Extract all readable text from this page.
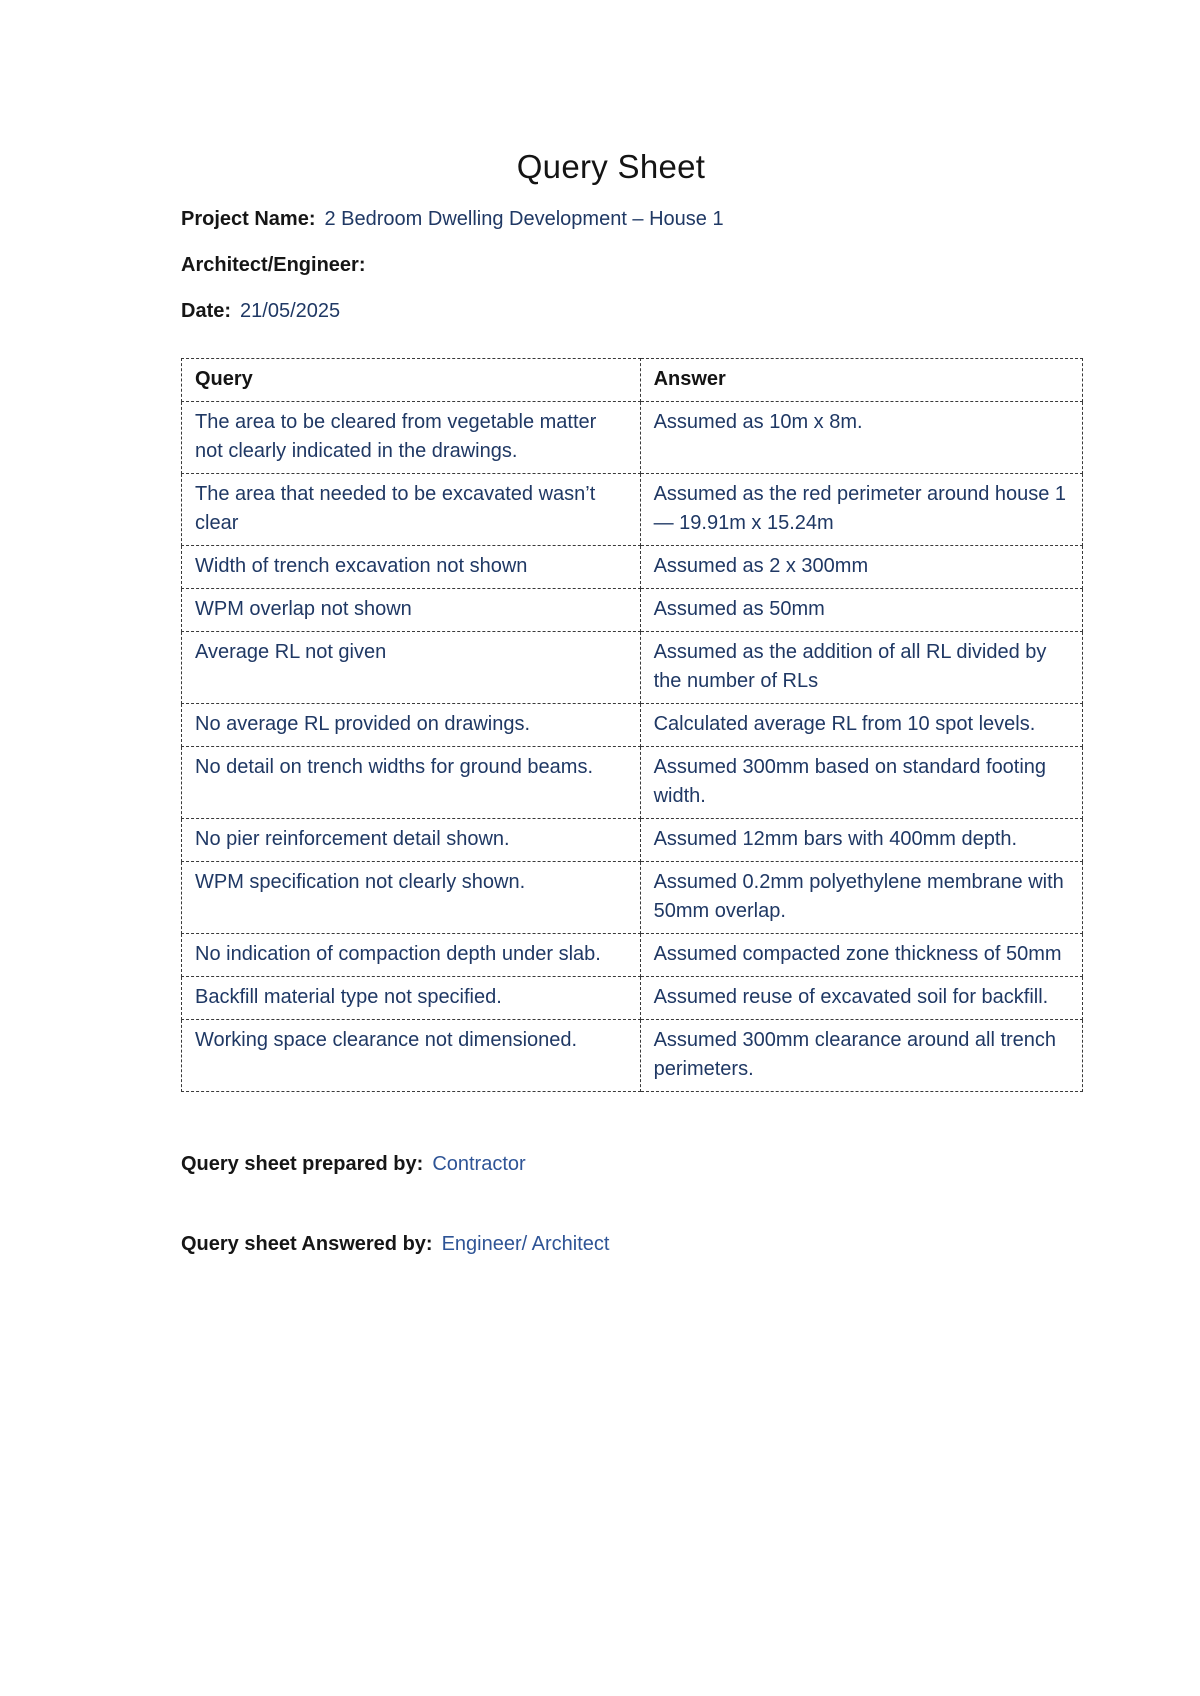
Query Sheet

Project Name: 2 Bedroom Dwelling Development – House 1

Architect/Engineer:

Date: 21/05/2025

Query	Answer
The area to be cleared from vegetable matter not clearly indicated in the drawings.	Assumed as 10m x 8m.
The area that needed to be excavated wasn’t clear	Assumed as the red perimeter around house 1 — 19.91m x 15.24m
Width of trench excavation not shown	Assumed as 2 x 300mm
WPM overlap not shown	Assumed as 50mm
Average RL not given	Assumed as the addition of all RL divided by the number of RLs
No average RL provided on drawings.	Calculated average RL from 10 spot levels.
No detail on trench widths for ground beams.	Assumed 300mm based on standard footing width.
No pier reinforcement detail shown.	Assumed 12mm bars with 400mm depth.
WPM specification not clearly shown.	Assumed 0.2mm polyethylene membrane with 50mm overlap.
No indication of compaction depth under slab.	Assumed compacted zone thickness of 50mm
Backfill material type not specified.	Assumed reuse of excavated soil for backfill.
Working space clearance not dimensioned.	Assumed 300mm clearance around all trench perimeters.

Query sheet prepared by: Contractor

Query sheet Answered by: Engineer/ Architect
